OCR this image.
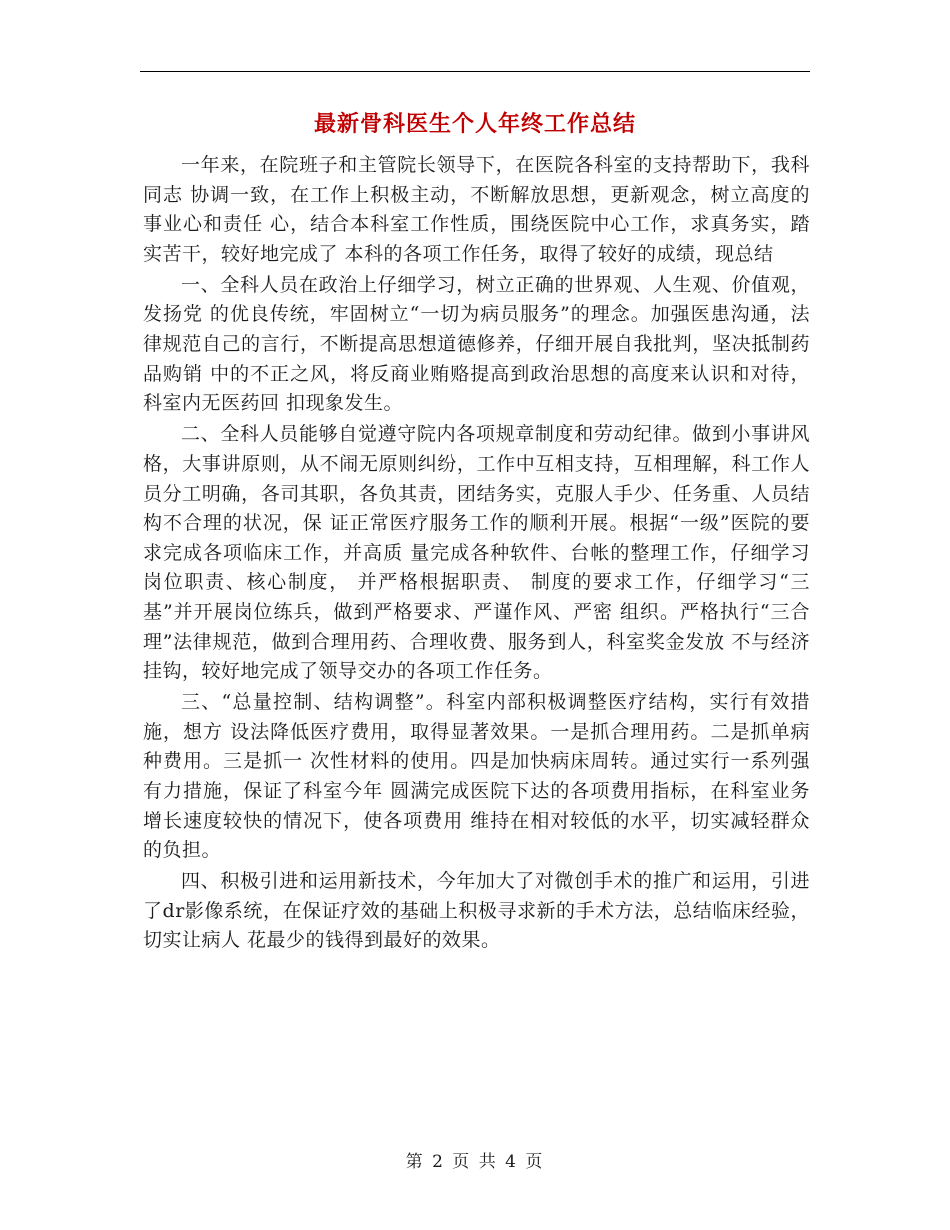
最新骨科医生个人年终工作总结

一年来，在院班子和主管院长领导下，在医院各科室的支持帮助下，我科同志 协调一致，在工作上积极主动，不断解放思想，更新观念，树立高度的事业心和责任 心，结合本科室工作性质，围绕医院中心工作，求真务实，踏实苦干，较好地完成了 本科的各项工作任务，取得了较好的成绩，现总结

一、全科人员在政治上仔细学习，树立正确的世界观、人生观、价值观，发扬党 的优良传统，牢固树立“一切为病员服务”的理念。加强医患沟通，法律规范自己的言行，不断提高思想道德修养，仔细开展自我批判，坚决抵制药品购销 中的不正之风，将反商业贿赂提高到政治思想的高度来认识和对待，科室内无医药回 扣现象发生。

二、全科人员能够自觉遵守院内各项规章制度和劳动纪律。做到小事讲风格，大事讲原则，从不闹无原则纠纷，工作中互相支持，互相理解，科工作人员分工明确，各司其职，各负其责，团结务实，克服人手少、任务重、人员结构不合理的状况，保 证正常医疗服务工作的顺利开展。根据“一级”医院的要求完成各项临床工作，并高质 量完成各种软件、台帐的整理工作，仔细学习岗位职责、核心制度， 并严格根据职责、 制度的要求工作，仔细学习“三基”并开展岗位练兵，做到严格要求、严谨作风、严密 组织。严格执行“三合理”法律规范，做到合理用药、合理收费、服务到人，科室奖金发放 不与经济挂钩，较好地完成了领导交办的各项工作任务。

三、“总量控制、结构调整”。科室内部积极调整医疗结构，实行有效措施，想方 设法降低医疗费用，取得显著效果。一是抓合理用药。二是抓单病种费用。三是抓一 次性材料的使用。四是加快病床周转。通过实行一系列强有力措施，保证了科室今年 圆满完成医院下达的各项费用指标，在科室业务增长速度较快的情况下，使各项费用 维持在相对较低的水平，切实减轻群众的负担。

四、积极引进和运用新技术，今年加大了对微创手术的推广和运用，引进了dr影像系统，在保证疗效的基础上积极寻求新的手术方法，总结临床经验，切实让病人 花最少的钱得到最好的效果。

第 2 页 共 4 页
